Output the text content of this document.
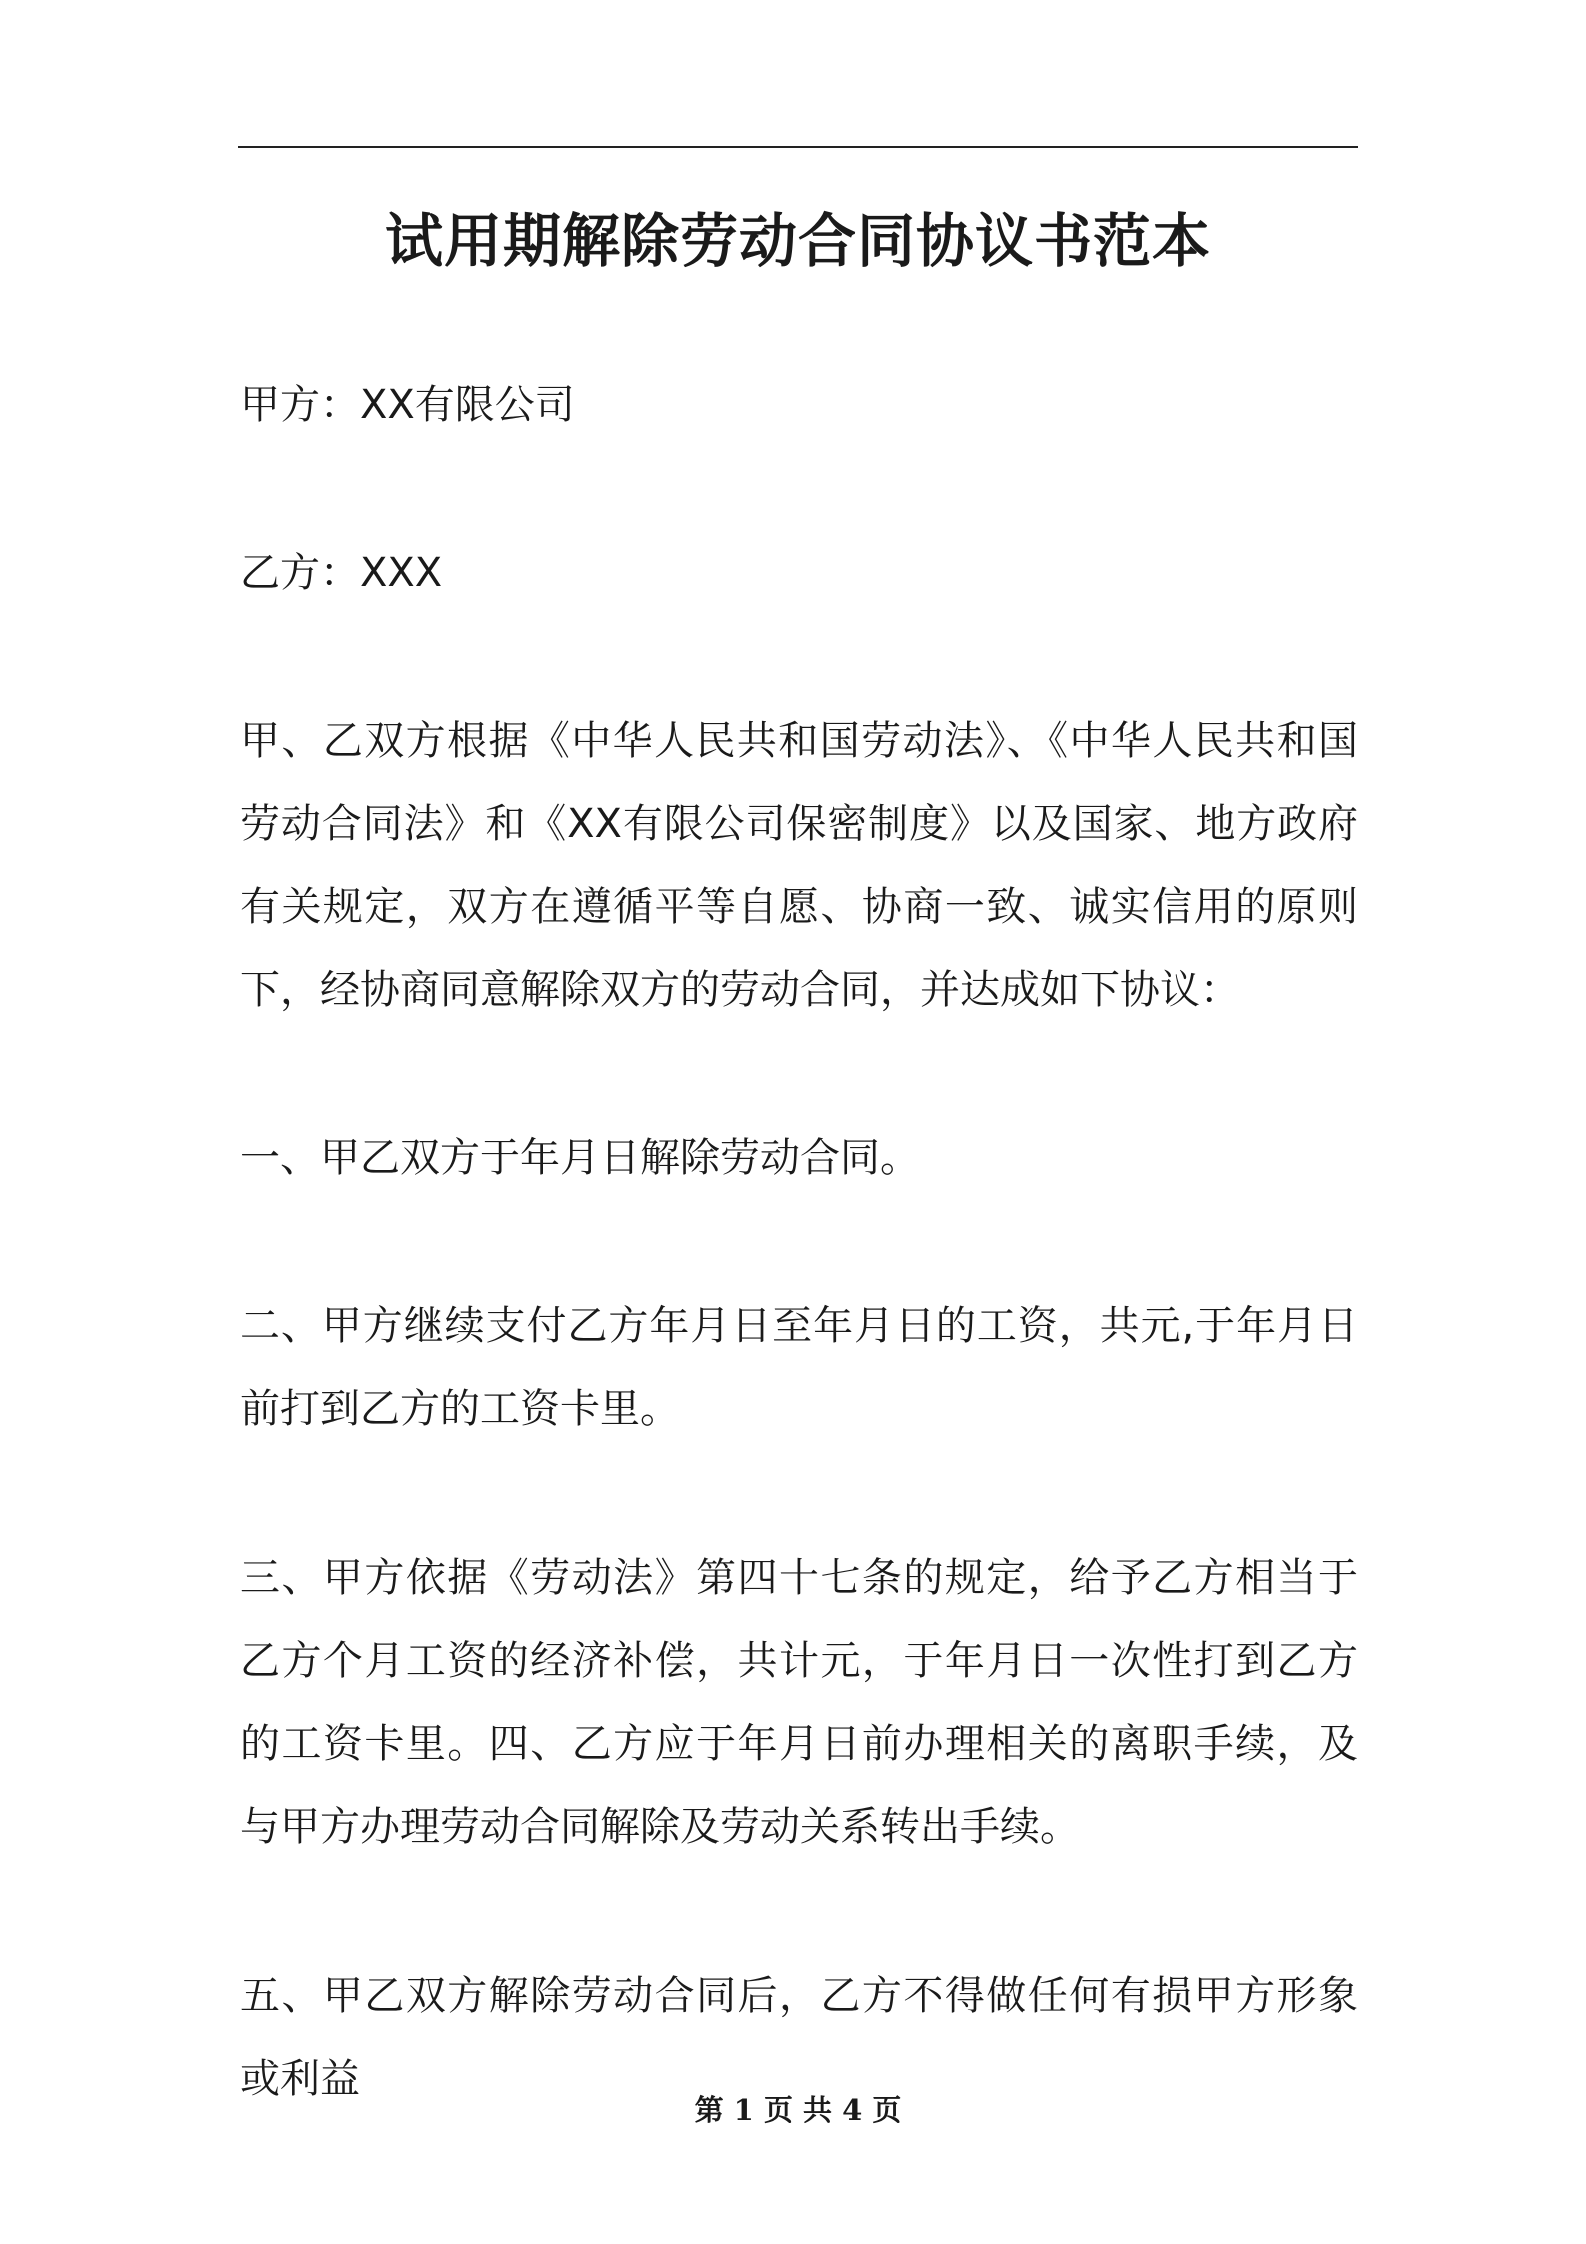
试用期解除劳动合同协议书范本

甲方：XX有限公司

乙方：XXX

甲、乙双方根据《中华人民共和国劳动法》、《中华人民共和国劳动合同法》和《XX有限公司保密制度》以及国家、地方政府有关规定，双方在遵循平等自愿、协商一致、诚实信用的原则下，经协商同意解除双方的劳动合同，并达成如下协议：

一、甲乙双方于年月日解除劳动合同。

二、甲方继续支付乙方年月日至年月日的工资，共元,于年月日前打到乙方的工资卡里。

三、甲方依据《劳动法》第四十七条的规定，给予乙方相当于乙方个月工资的经济补偿，共计元，于年月日一次性打到乙方的工资卡里。四、乙方应于年月日前办理相关的离职手续，及与甲方办理劳动合同解除及劳动关系转出手续。

五、甲乙双方解除劳动合同后，乙方不得做任何有损甲方形象或利益

第 1 页 共 4 页
